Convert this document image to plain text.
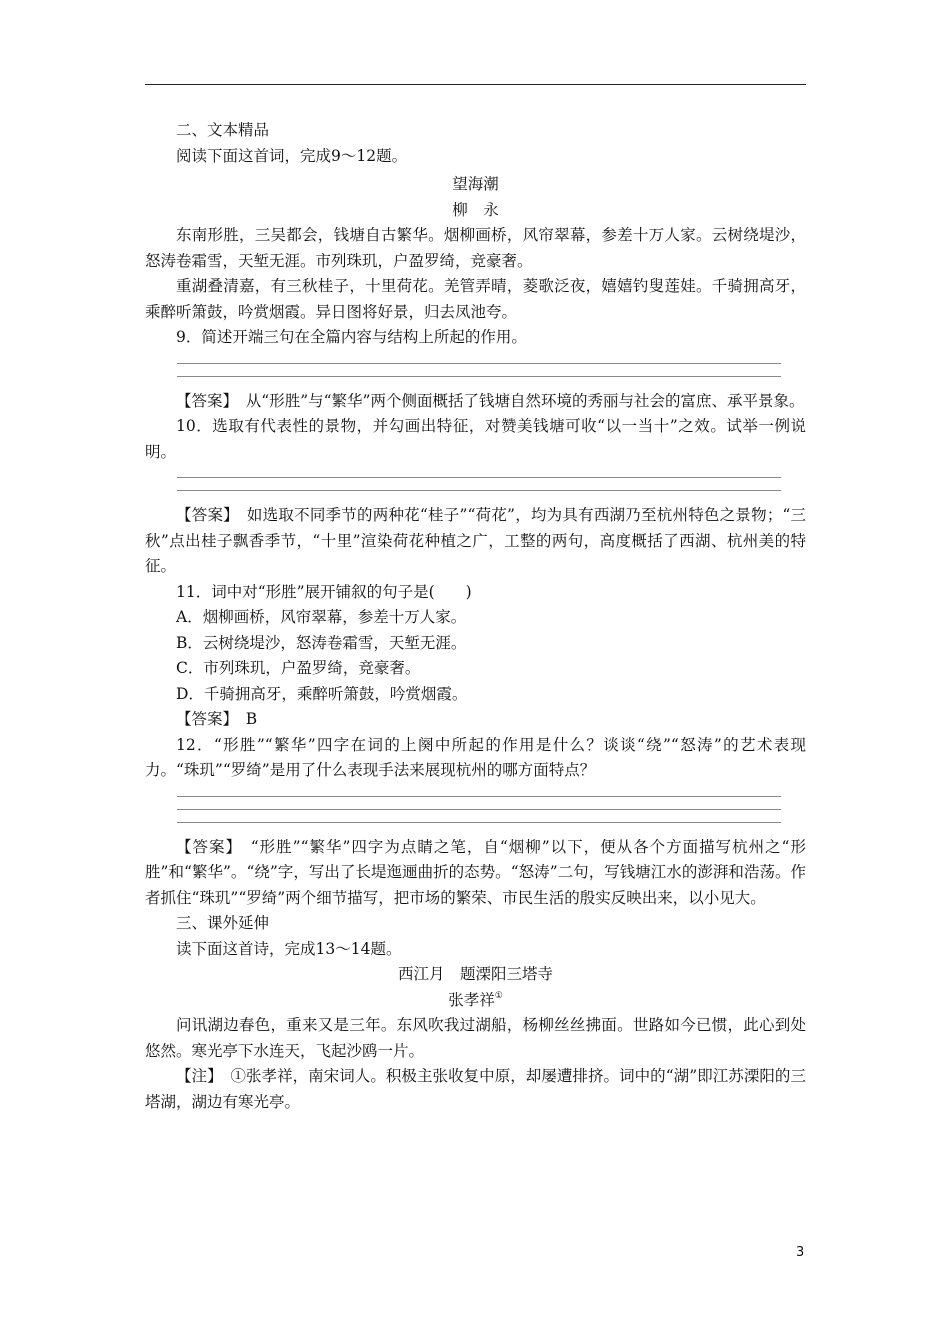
二、文本精品

阅读下面这首词，完成9～12题。

望海潮

柳　永

东南形胜，三吴都会，钱塘自古繁华。烟柳画桥，风帘翠幕，参差十万人家。云树绕堤沙，怒涛卷霜雪，天堑无涯。市列珠玑，户盈罗绮，竞豪奢。

重湖叠清嘉，有三秋桂子，十里荷花。羌管弄晴，菱歌泛夜，嬉嬉钓叟莲娃。千骑拥高牙，乘醉听箫鼓，吟赏烟霞。异日图将好景，归去凤池夸。

9．简述开端三句在全篇内容与结构上所起的作用。

【答案】　 从“形胜”与“繁华”两个侧面概括了钱塘自然环境的秀丽与社会的富庶、承平景象。

10．选取有代表性的景物，并勾画出特征，对赞美钱塘可收“以一当十”之效。试举一例说明。

【答案】　 如选取不同季节的两种花“桂子”“荷花”，均为具有西湖乃至杭州特色之景物；“三秋”点出桂子飘香季节，“十里”渲染荷花种植之广，工整的两句，高度概括了西湖、杭州美的特征。

11．词中对“形胜”展开铺叙的句子是(　　)

A．烟柳画桥，风帘翠幕，参差十万人家。

B．云树绕堤沙，怒涛卷霜雪，天堑无涯。

C．市列珠玑，户盈罗绮，竞豪奢。

D．千骑拥高牙，乘醉听箫鼓，吟赏烟霞。

【答案】　 B

12．“形胜”“繁华”四字在词的上阕中所起的作用是什么？谈谈“绕”“怒涛”的艺术表现力。“珠玑”“罗绮”是用了什么表现手法来展现杭州的哪方面特点？

【答案】　 “形胜”“繁华”四字为点睛之笔，自“烟柳”以下，便从各个方面描写杭州之“形胜”和“繁华”。“绕”字，写出了长堤迤逦曲折的态势。“怒涛”二句，写钱塘江水的澎湃和浩荡。作者抓住“珠玑”“罗绮”两个细节描写，把市场的繁荣、市民生活的殷实反映出来，以小见大。

三、课外延伸

读下面这首诗，完成13～14题。

西江月　题溧阳三塔寺

张孝祥①

问讯湖边春色，重来又是三年。东风吹我过湖船，杨柳丝丝拂面。世路如今已惯，此心到处悠然。寒光亭下水连天，飞起沙鸥一片。

【注】　 ①张孝祥，南宋词人。积极主张收复中原，却屡遭排挤。词中的“湖”即江苏溧阳的三塔湖，湖边有寒光亭。

3
